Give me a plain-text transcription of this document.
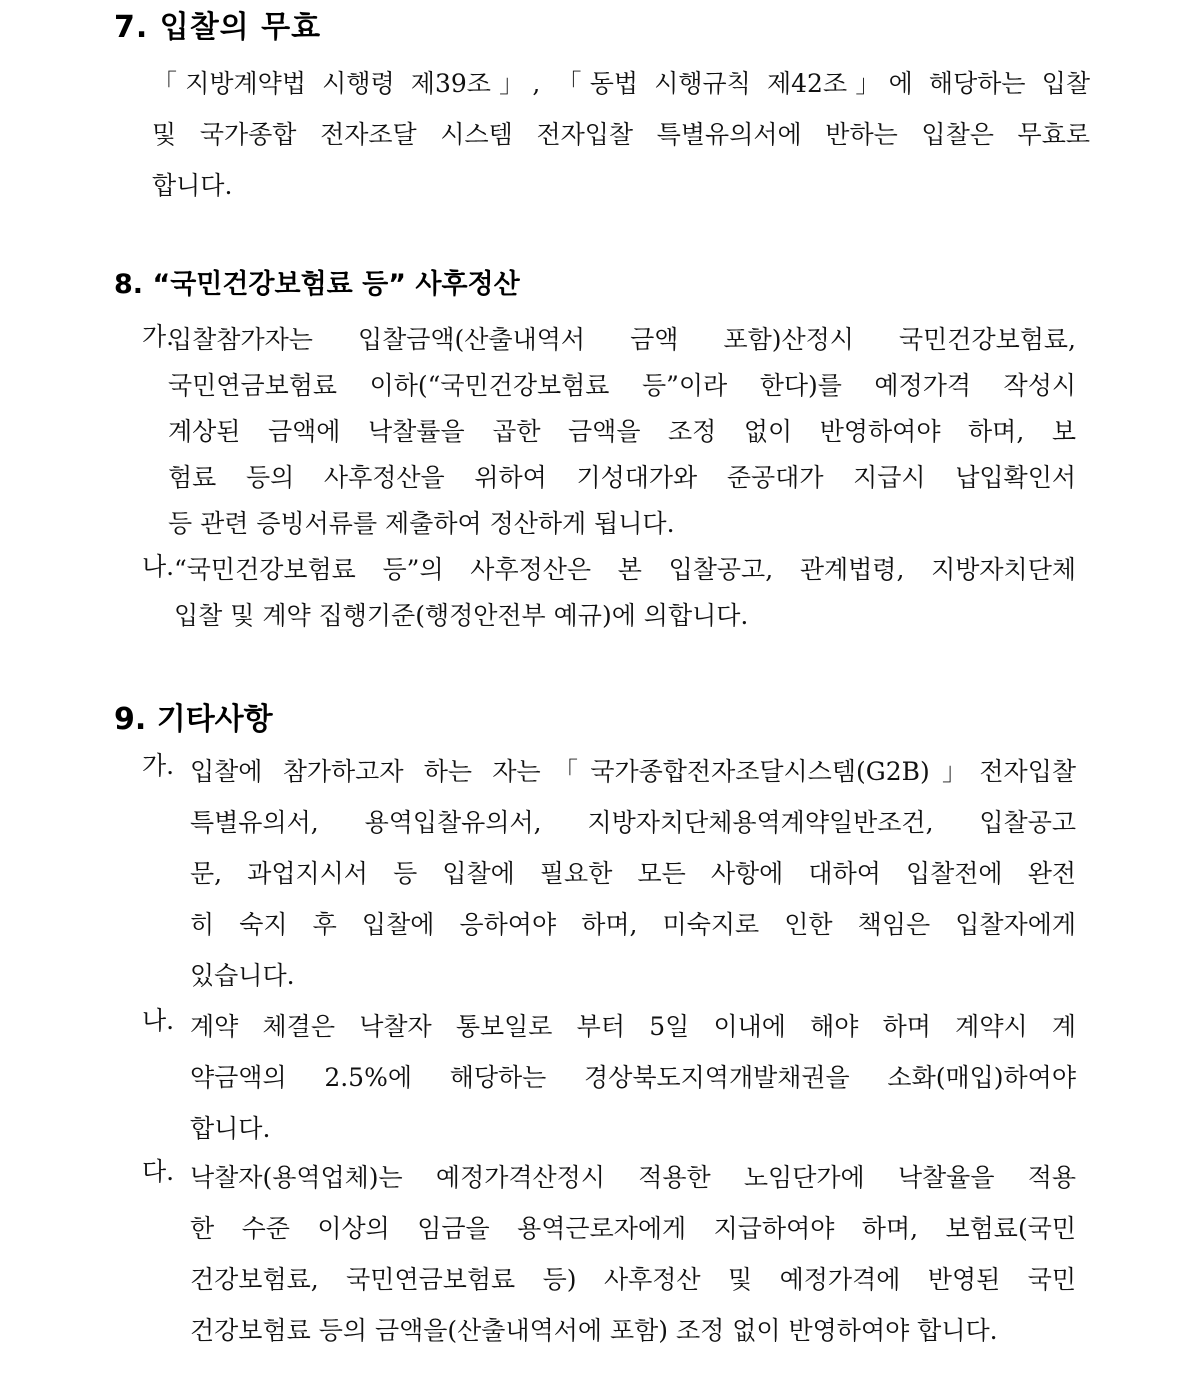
7. 입찰의 무효
「지방계약법 시행령 제39조」, 「동법 시행규칙 제42조」에 해당하는 입찰
및 국가종합 전자조달 시스템 전자입찰 특별유의서에 반하는 입찰은 무효로
합니다.
8. “국민건강보험료 등” 사후정산
가.
입찰참가자는 입찰금액(산출내역서 금액 포함)산정시 국민건강보험료,
국민연금보험료 이하(“국민건강보험료 등”이라 한다)를 예정가격 작성시
계상된 금액에 낙찰률을 곱한 금액을 조정 없이 반영하여야 하며, 보
험료 등의 사후정산을 위하여 기성대가와 준공대가 지급시 납입확인서
등 관련 증빙서류를 제출하여 정산하게 됩니다.
나. “국민건강보험료 등”의 사후정산은 본 입찰공고, 관계법령, 지방자치단체
입찰 및 계약 집행기준(행정안전부 예규)에 의합니다.
9. 기타사항
가. 입찰에 참가하고자 하는 자는「국가종합전자조달시스템(G2B)」전자입찰
특별유의서, 용역입찰유의서, 지방자치단체용역계약일반조건, 입찰공고
문, 과업지시서 등 입찰에 필요한 모든 사항에 대하여 입찰전에 완전
히 숙지 후 입찰에 응하여야 하며, 미숙지로 인한 책임은 입찰자에게
있습니다.
나. 계약 체결은 낙찰자 통보일로 부터 5일 이내에 해야 하며 계약시 계
약금액의 2.5%에 해당하는 경상북도지역개발채권을 소화(매입)하여야
합니다.
다. 낙찰자(용역업체)는 예정가격산정시 적용한 노임단가에 낙찰율을 적용
한 수준 이상의 임금을 용역근로자에게 지급하여야 하며, 보험료(국민
건강보험료, 국민연금보험료 등) 사후정산 및 예정가격에 반영된 국민
건강보험료 등의 금액을(산출내역서에 포함) 조정 없이 반영하여야 합니다.
